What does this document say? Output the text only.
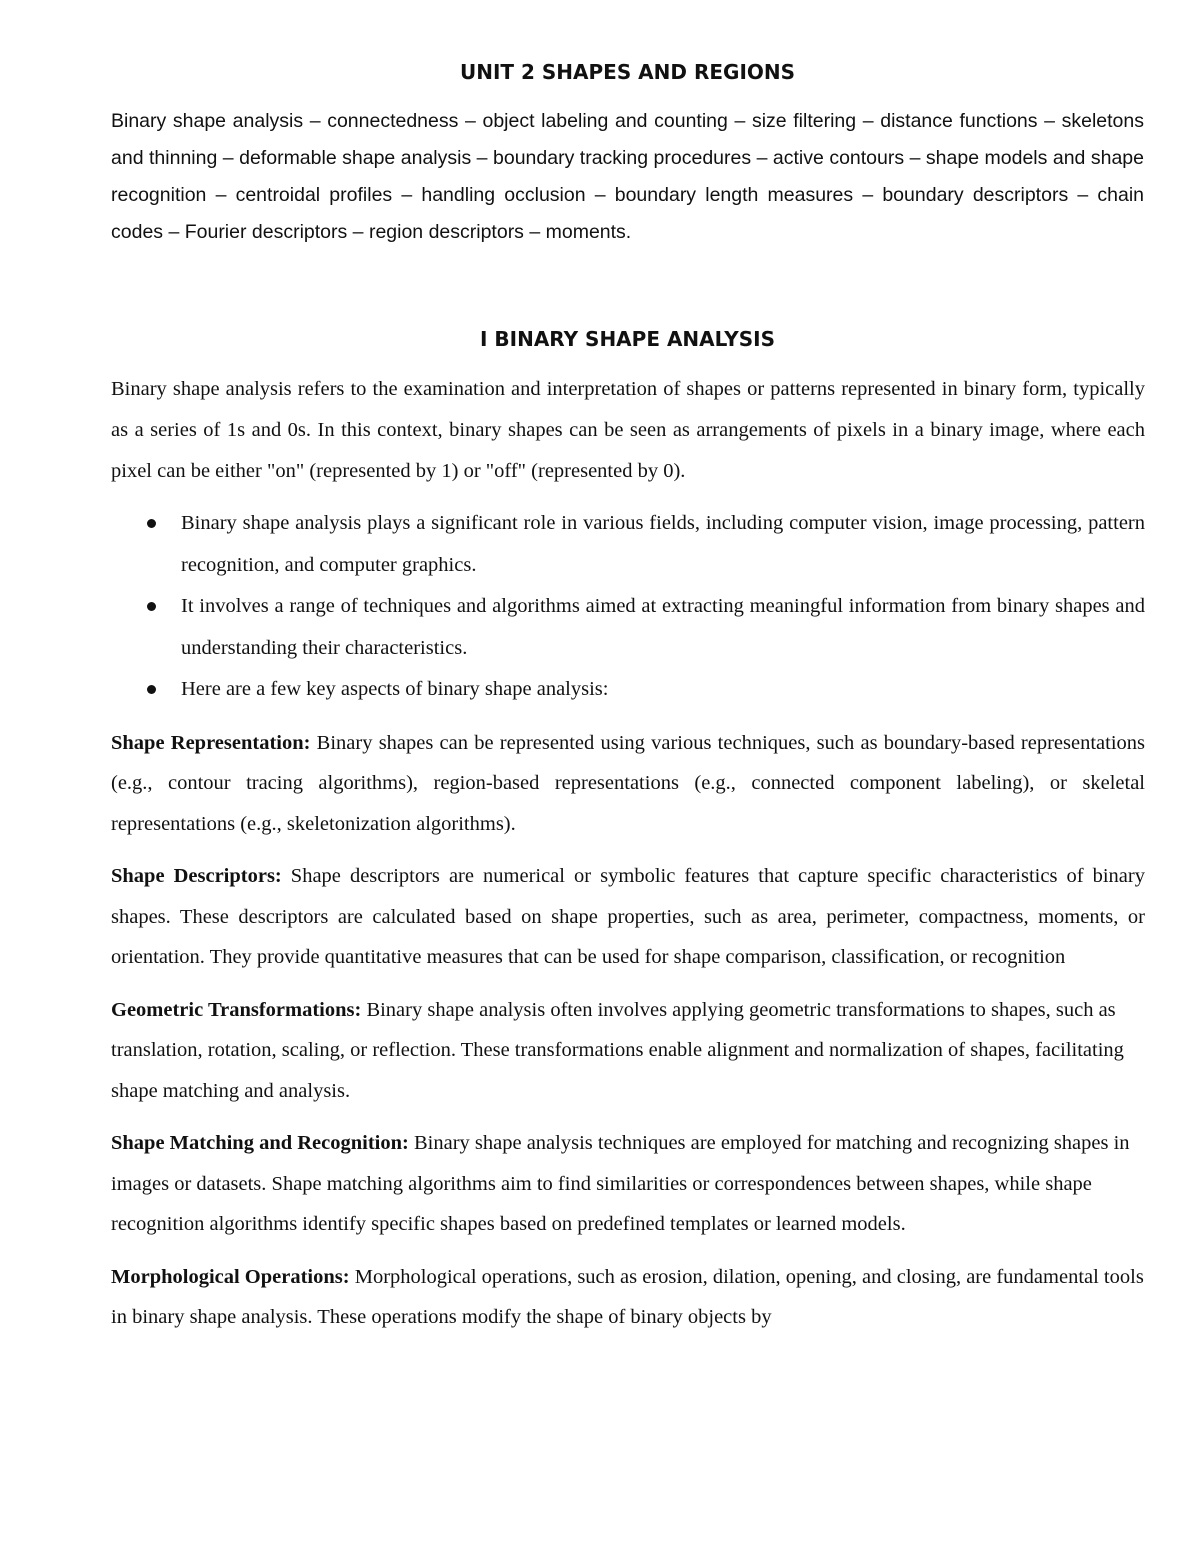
UNIT 2 SHAPES AND REGIONS

Binary shape analysis – connectedness – object labeling and counting – size filtering – distance functions – skeletons and thinning – deformable shape analysis – boundary tracking procedures – active contours – shape models and shape recognition – centroidal profiles – handling occlusion – boundary length measures – boundary descriptors – chain codes – Fourier descriptors – region descriptors – moments.

I BINARY SHAPE ANALYSIS

Binary shape analysis refers to the examination and interpretation of shapes or patterns represented in binary form, typically as a series of 1s and 0s. In this context, binary shapes can be seen as arrangements of pixels in a binary image, where each pixel can be either "on" (represented by 1) or "off" (represented by 0).

Binary shape analysis plays a significant role in various fields, including computer vision, image processing, pattern recognition, and computer graphics.
It involves a range of techniques and algorithms aimed at extracting meaningful information from binary shapes and understanding their characteristics.
Here are a few key aspects of binary shape analysis:

Shape Representation: Binary shapes can be represented using various techniques, such as boundary-based representations (e.g., contour tracing algorithms), region-based representations (e.g., connected component labeling), or skeletal representations (e.g., skeletonization algorithms).

Shape Descriptors: Shape descriptors are numerical or symbolic features that capture specific characteristics of binary shapes. These descriptors are calculated based on shape properties, such as area, perimeter, compactness, moments, or orientation. They provide quantitative measures that can be used for shape comparison, classification, or recognition

Geometric Transformations: Binary shape analysis often involves applying geometric transformations to shapes, such as translation, rotation, scaling, or reflection. These transformations enable alignment and normalization of shapes, facilitating shape matching and analysis.

Shape Matching and Recognition: Binary shape analysis techniques are employed for matching and recognizing shapes in images or datasets. Shape matching algorithms aim to find similarities or correspondences between shapes, while shape recognition algorithms identify specific shapes based on predefined templates or learned models.

Morphological Operations: Morphological operations, such as erosion, dilation, opening, and closing, are fundamental tools in binary shape analysis. These operations modify the shape of binary objects by
